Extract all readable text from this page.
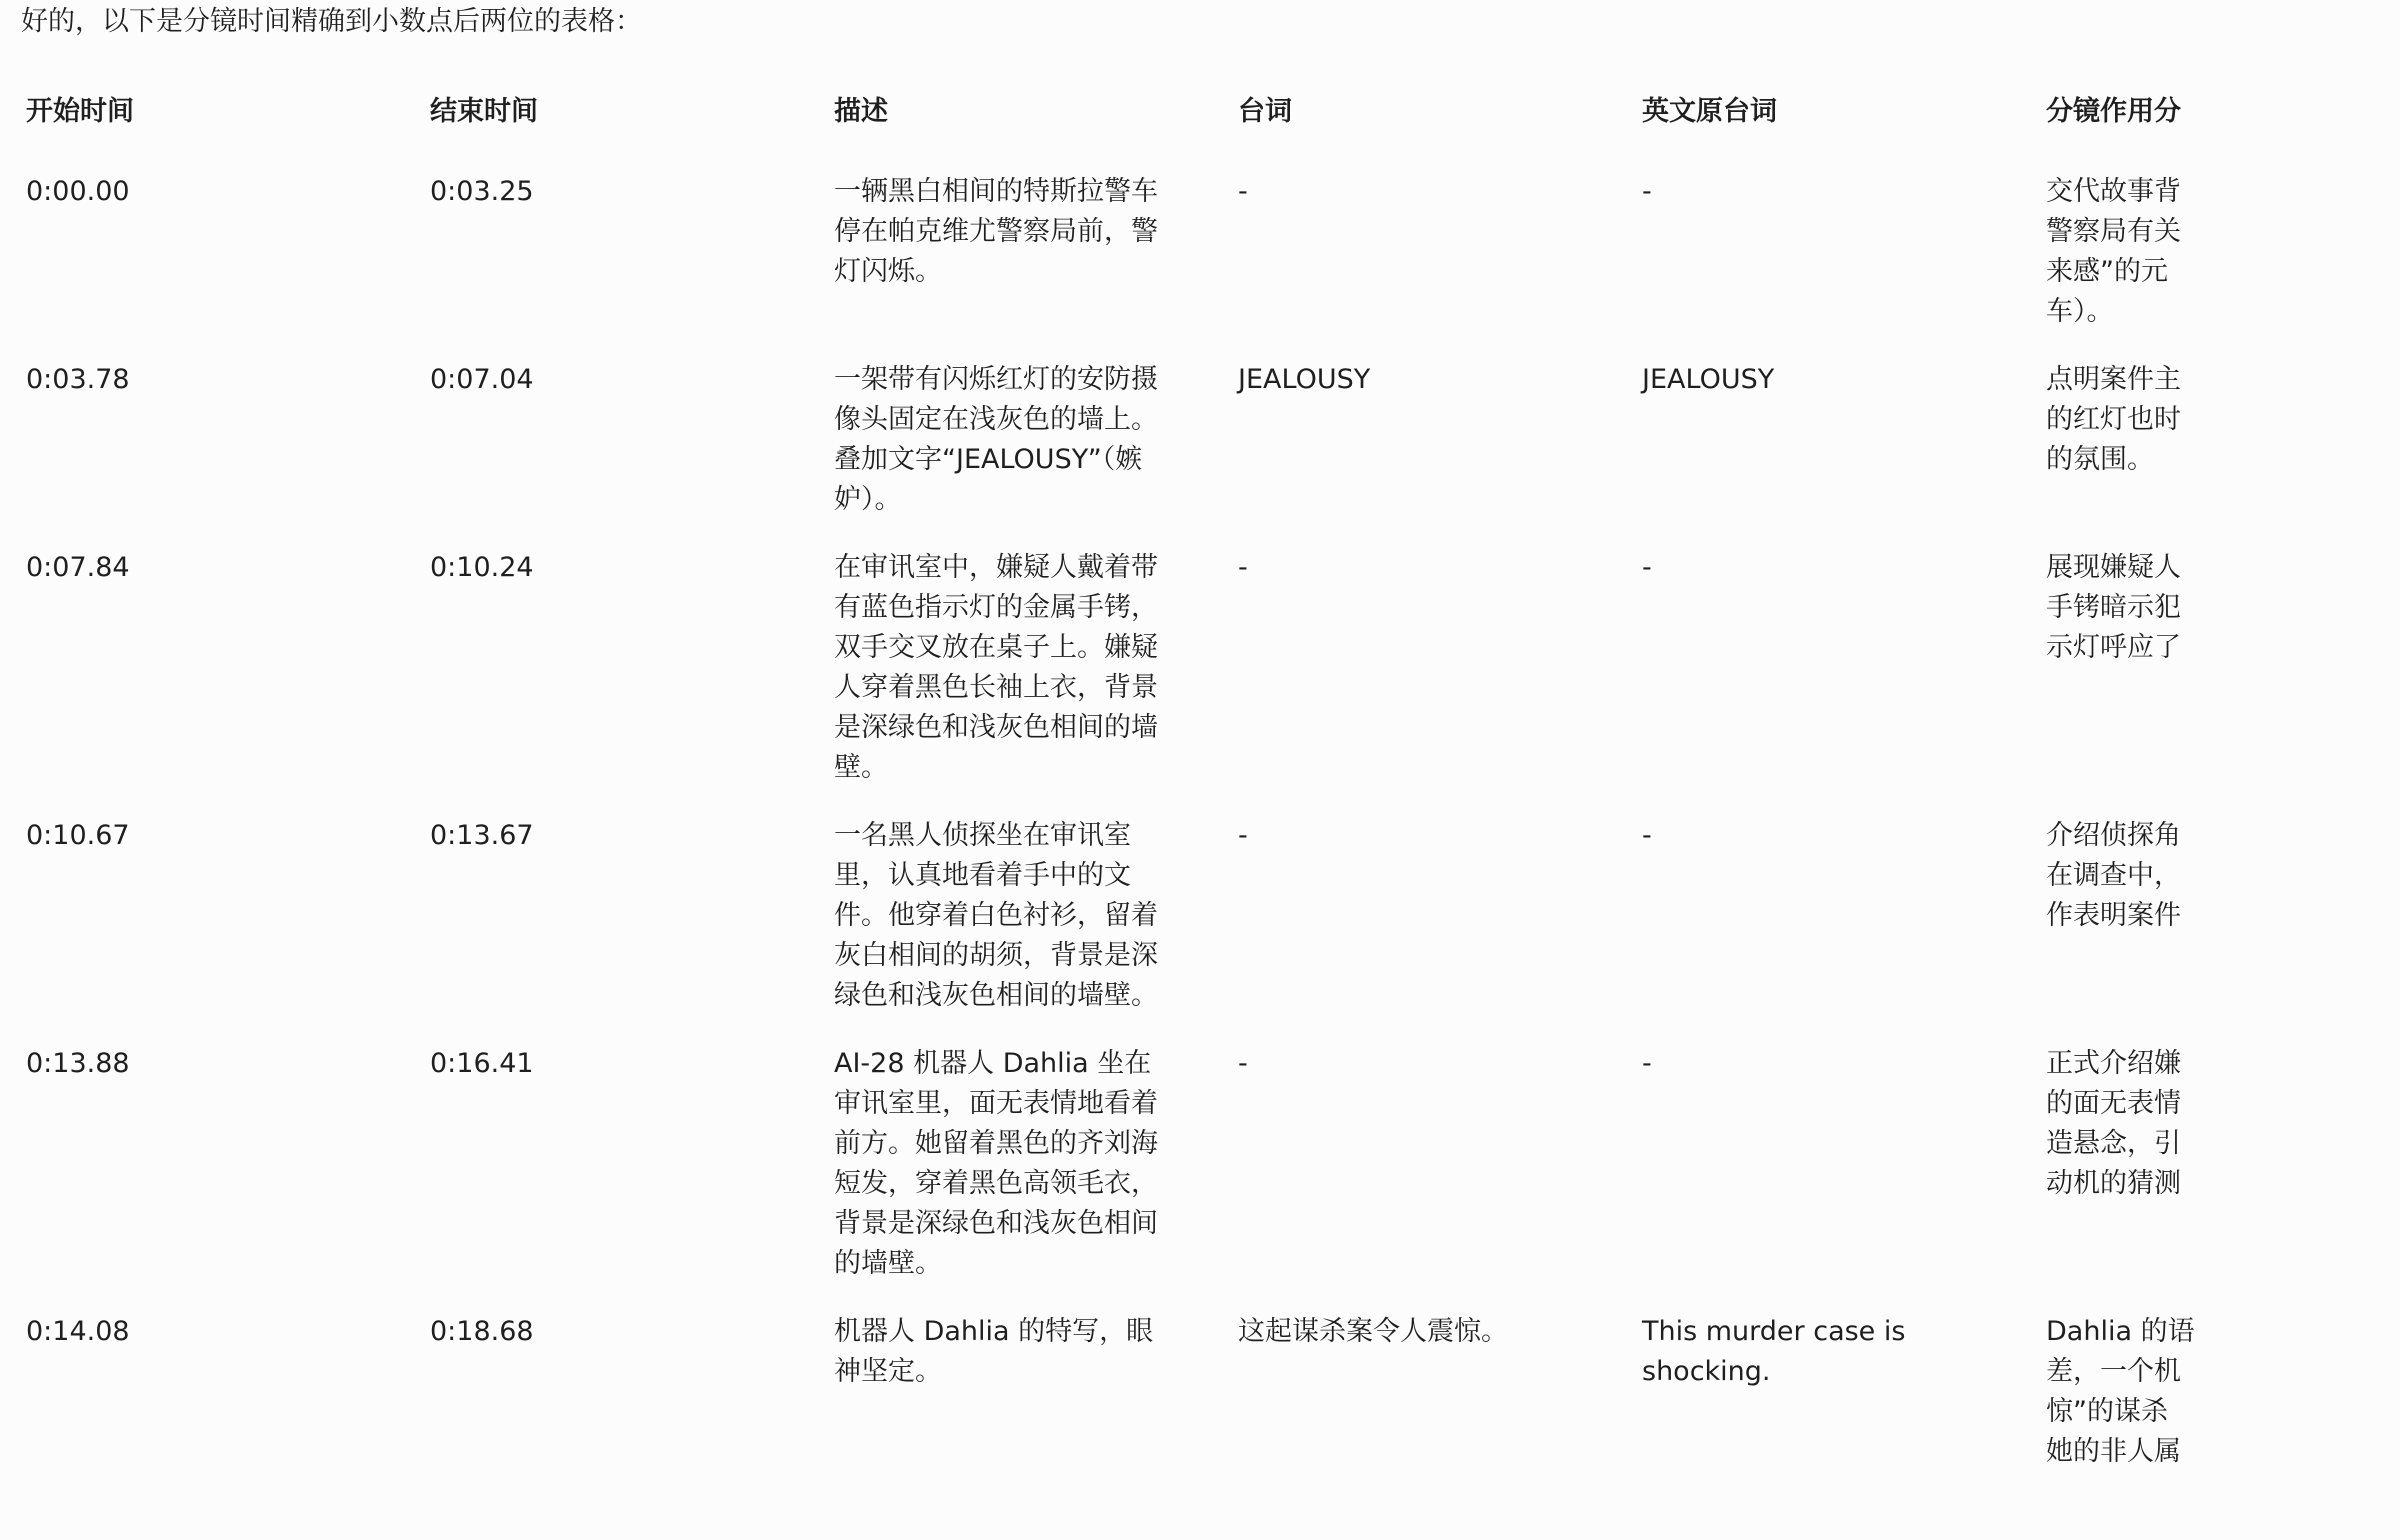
好的，以下是分镜时间精确到小数点后两位的表格：
开始时间	结束时间	描述	台词	英文原台词	分镜作用分
0:00.00	0:03.25	一辆黑白相间的特斯拉警车停在帕克维尤警察局前，警灯闪烁。	-	-	交代故事背
警察局有关
来感”的元
车）。
0:03.78	0:07.04	一架带有闪烁红灯的安防摄像头固定在浅灰色的墙上。叠加文字“JEALOUSY”（嫉妒）。	JEALOUSY	JEALOUSY	点明案件主
的红灯也时
的氛围。
0:07.84	0:10.24	在审讯室中，嫌疑人戴着带有蓝色指示灯的金属手铐，双手交叉放在桌子上。嫌疑人穿着黑色长袖上衣，背景是深绿色和浅灰色相间的墙壁。	-	-	展现嫌疑人
手铐暗示犯
示灯呼应了
0:10.67	0:13.67	一名黑人侦探坐在审讯室里，认真地看着手中的文件。他穿着白色衬衫，留着灰白相间的胡须，背景是深绿色和浅灰色相间的墙壁。	-	-	介绍侦探角
在调查中，
作表明案件
0:13.88	0:16.41	AI-28 机器人 Dahlia 坐在审讯室里，面无表情地看着前方。她留着黑色的齐刘海短发，穿着黑色高领毛衣，背景是深绿色和浅灰色相间的墙壁。	-	-	正式介绍嫌
的面无表情
造悬念，引
动机的猜测
0:14.08	0:18.68	机器人 Dahlia 的特写，眼神坚定。	这起谋杀案令人震惊。	This murder case is shocking.	Dahlia 的语
差，一个机
惊”的谋杀
她的非人属
